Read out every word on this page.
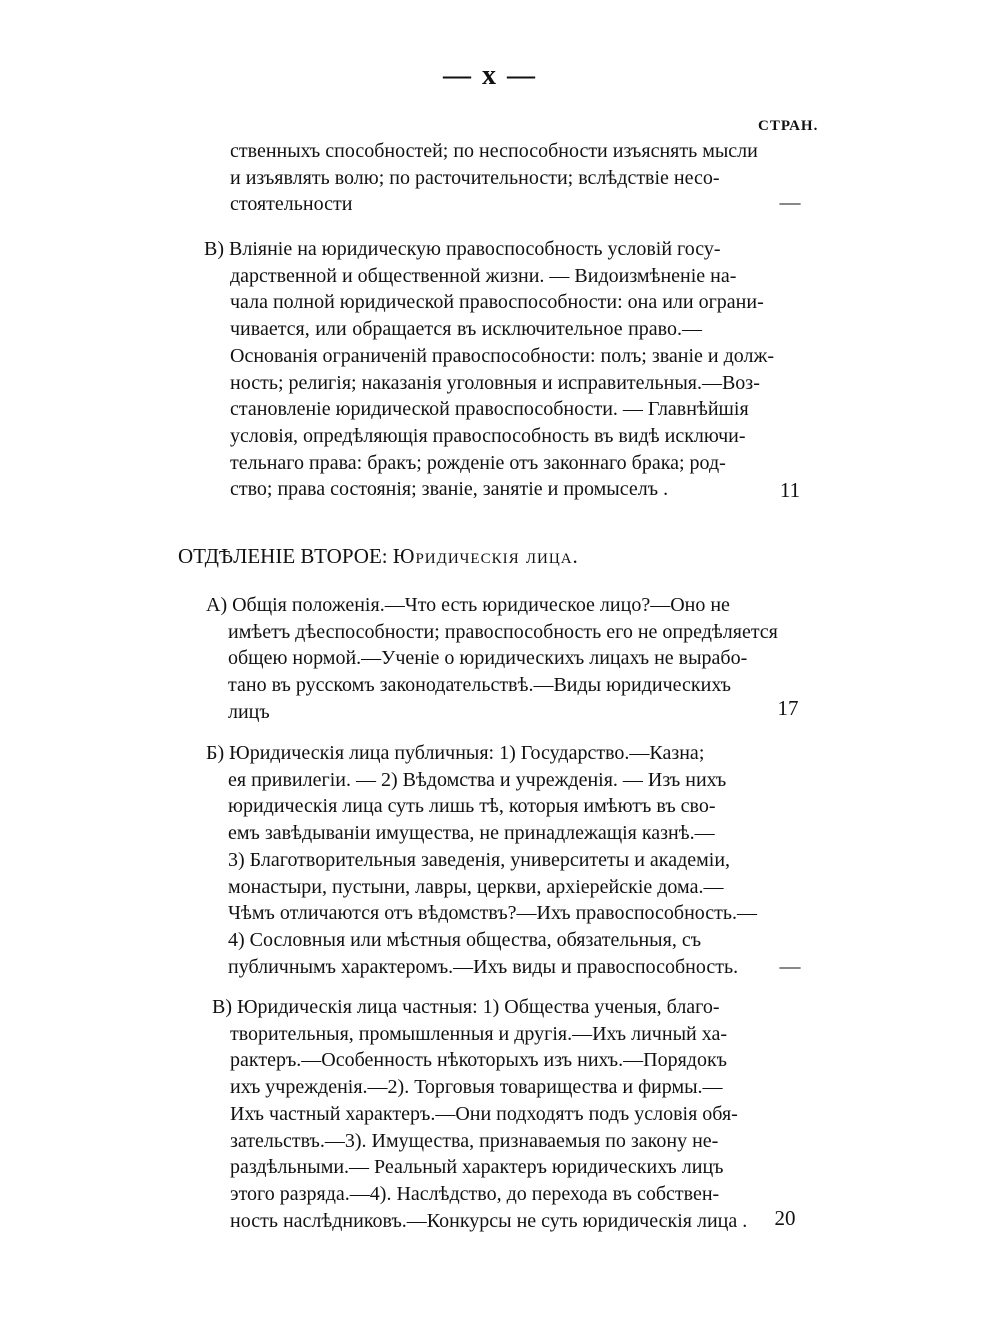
— x —
СТРАН.
ственныхъ способностей; по неспособности изъяснять мысли
и изъявлять волю; по расточительности; вслѣдствіе несо-
стоятельности	—
В) Вліяніе на юридическую правоспособность условій госу-
дарственной и общественной жизни. — Видоизмѣненіе на-
чала полной юридической правоспособности: она или ограни-
чивается, или обращается въ исключительное право.—
Основанія ограниченій правоспособности: полъ; званіе и долж-
ность; религія; наказанія уголовныя и исправительныя.—Воз-
становленіе юридической правоспособности. — Главнѣйшія
условія, опредѣляющія правоспособность въ видѣ исключи-
тельнаго права: бракъ; рожденіе отъ законнаго брака; род-
ство; права состоянія; званіе, занятіе и промыселъ .	11
ОТДѢЛЕНІЕ ВТОРОЕ: Юридическія лица.
А) Общія положенія.—Что есть юридическое лицо?—Оно не
имѣетъ дѣеспособности; правоспособность его не опредѣляется
общею нормой.—Ученіе о юридическихъ лицахъ не вырабо-
тано въ русскомъ законодательствѣ.—Виды юридическихъ
лицъ	17
Б) Юридическія лица публичныя: 1) Государство.—Казна;
ея привилегіи. — 2) Вѣдомства и учрежденія. — Изъ нихъ
юридическія лица суть лишь тѣ, которыя имѣютъ въ сво-
емъ завѣдываніи имущества, не принадлежащія казнѣ.—
3) Благотворительныя заведенія, университеты и академіи,
монастыри, пустыни, лавры, церкви, архіерейскіе дома.—
Чѣмъ отличаются отъ вѣдомствъ?—Ихъ правоспособность.—
4) Сословныя или мѣстныя общества, обязательныя, съ
публичнымъ характеромъ.—Ихъ виды и правоспособность.	—
В) Юридическія лица частныя: 1) Общества ученыя, благо-
творительныя, промышленныя и другія.—Ихъ личный ха-
рактеръ.—Особенность нѣкоторыхъ изъ нихъ.—Порядокъ
ихъ учрежденія.—2). Торговыя товарищества и фирмы.—
Ихъ частный характеръ.—Они подходятъ подъ условія обя-
зательствъ.—3). Имущества, признаваемыя по закону не-
раздѣльными.— Реальный характеръ юридическихъ лицъ
этого разряда.—4). Наслѣдство, до перехода въ собствен-
ность наслѣдниковъ.—Конкурсы не суть юридическія лица .	20
